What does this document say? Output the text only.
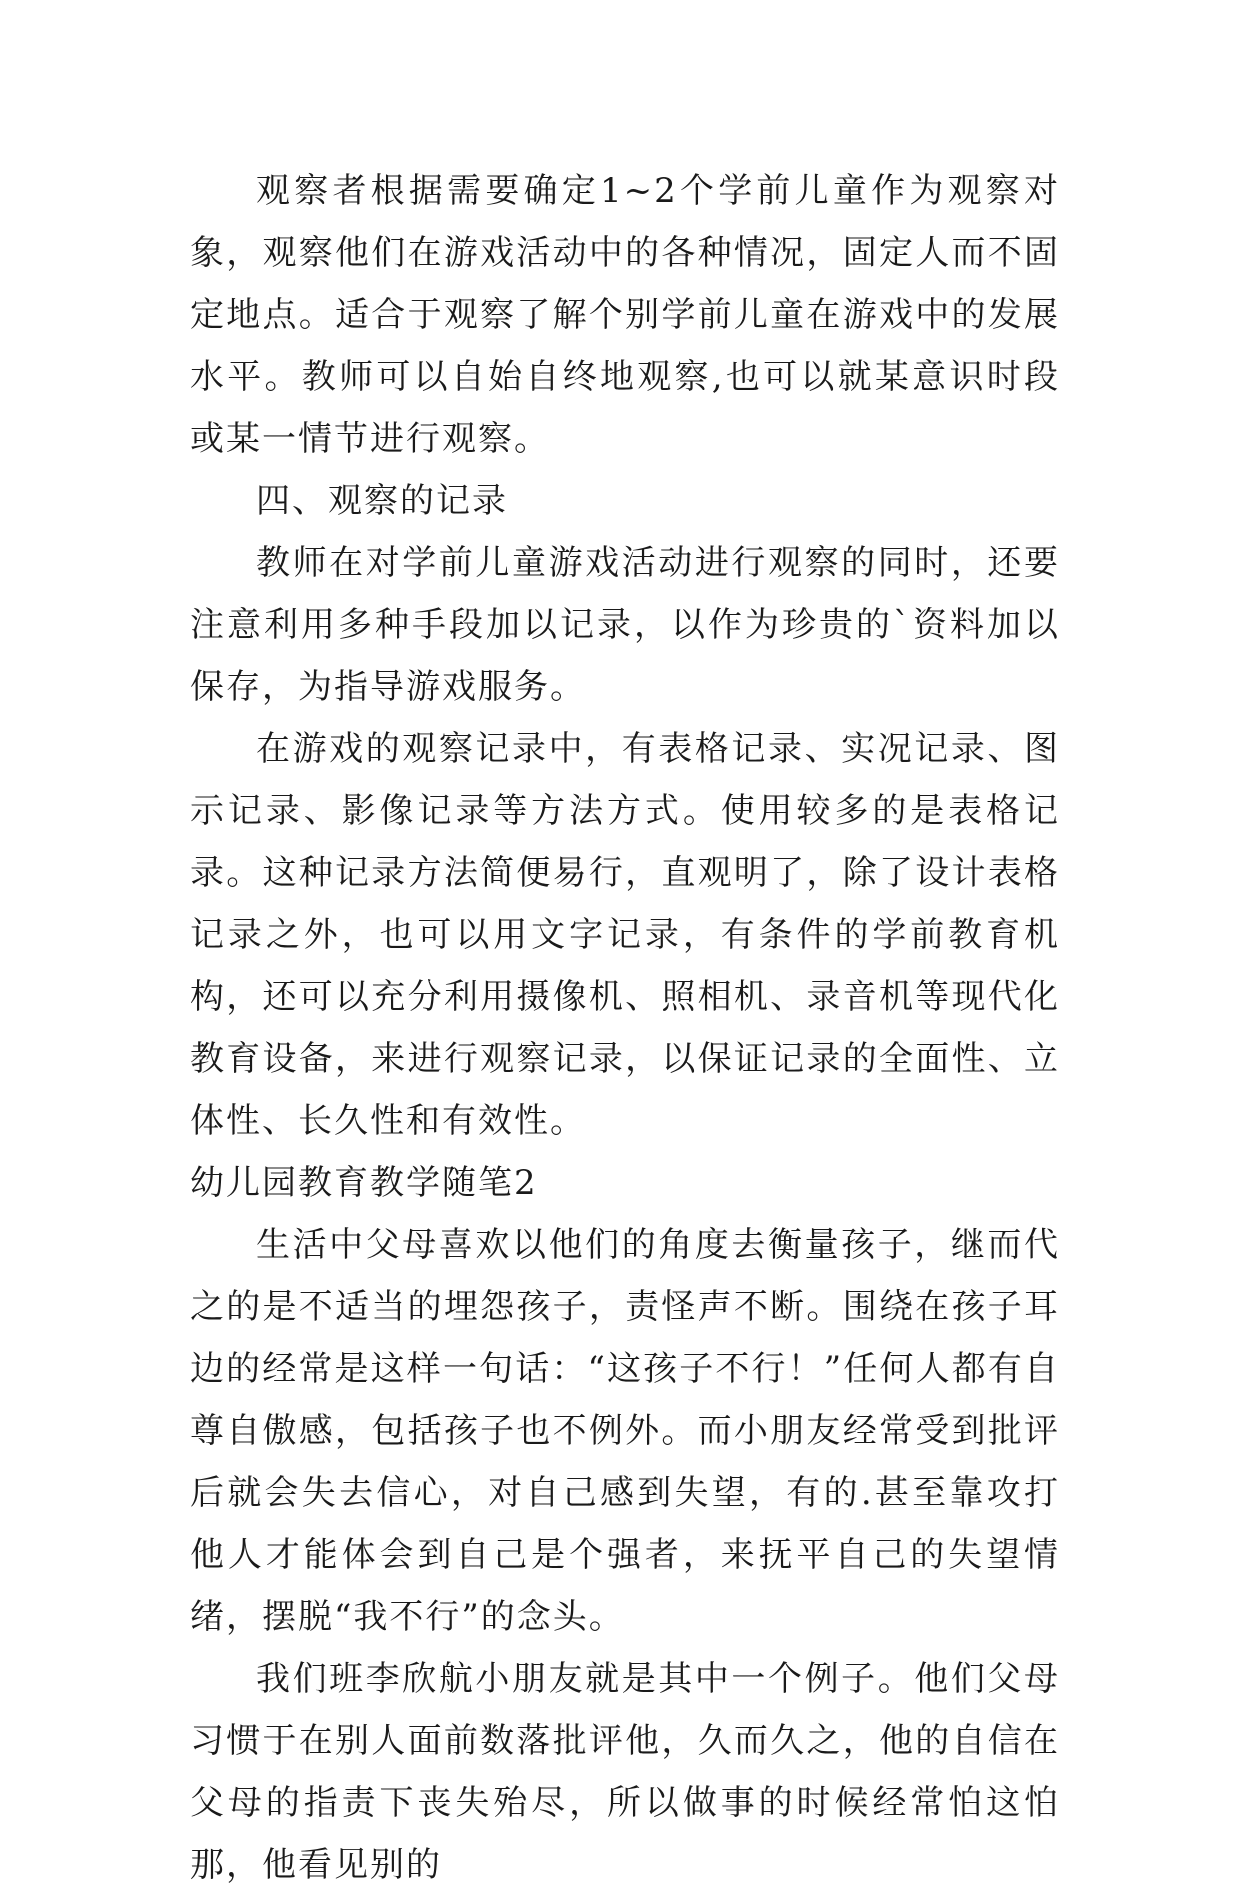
观察者根据需要确定1~2个学前儿童作为观察对象，观察他们在游戏活动中的各种情况，固定人而不固定地点。适合于观察了解个别学前儿童在游戏中的发展水平。教师可以自始自终地观察,也可以就某意识时段或某一情节进行观察。

四、观察的记录

教师在对学前儿童游戏活动进行观察的同时，还要注意利用多种手段加以记录，以作为珍贵的`资料加以保存，为指导游戏服务。

在游戏的观察记录中，有表格记录、实况记录、图示记录、影像记录等方法方式。使用较多的是表格记录。这种记录方法简便易行，直观明了，除了设计表格记录之外，也可以用文字记录，有条件的学前教育机构，还可以充分利用摄像机、照相机、录音机等现代化教育设备，来进行观察记录，以保证记录的全面性、立体性、长久性和有效性。

幼儿园教育教学随笔2

生活中父母喜欢以他们的角度去衡量孩子，继而代之的是不适当的埋怨孩子，责怪声不断。围绕在孩子耳边的经常是这样一句话：“这孩子不行！”任何人都有自尊自傲感，包括孩子也不例外。而小朋友经常受到批评后就会失去信心，对自己感到失望，有的.甚至靠攻打他人才能体会到自己是个强者，来抚平自己的失望情绪，摆脱“我不行”的念头。

我们班李欣航小朋友就是其中一个例子。他们父母习惯于在别人面前数落批评他，久而久之，他的自信在父母的指责下丧失殆尽，所以做事的时候经常怕这怕那，他看见别的
